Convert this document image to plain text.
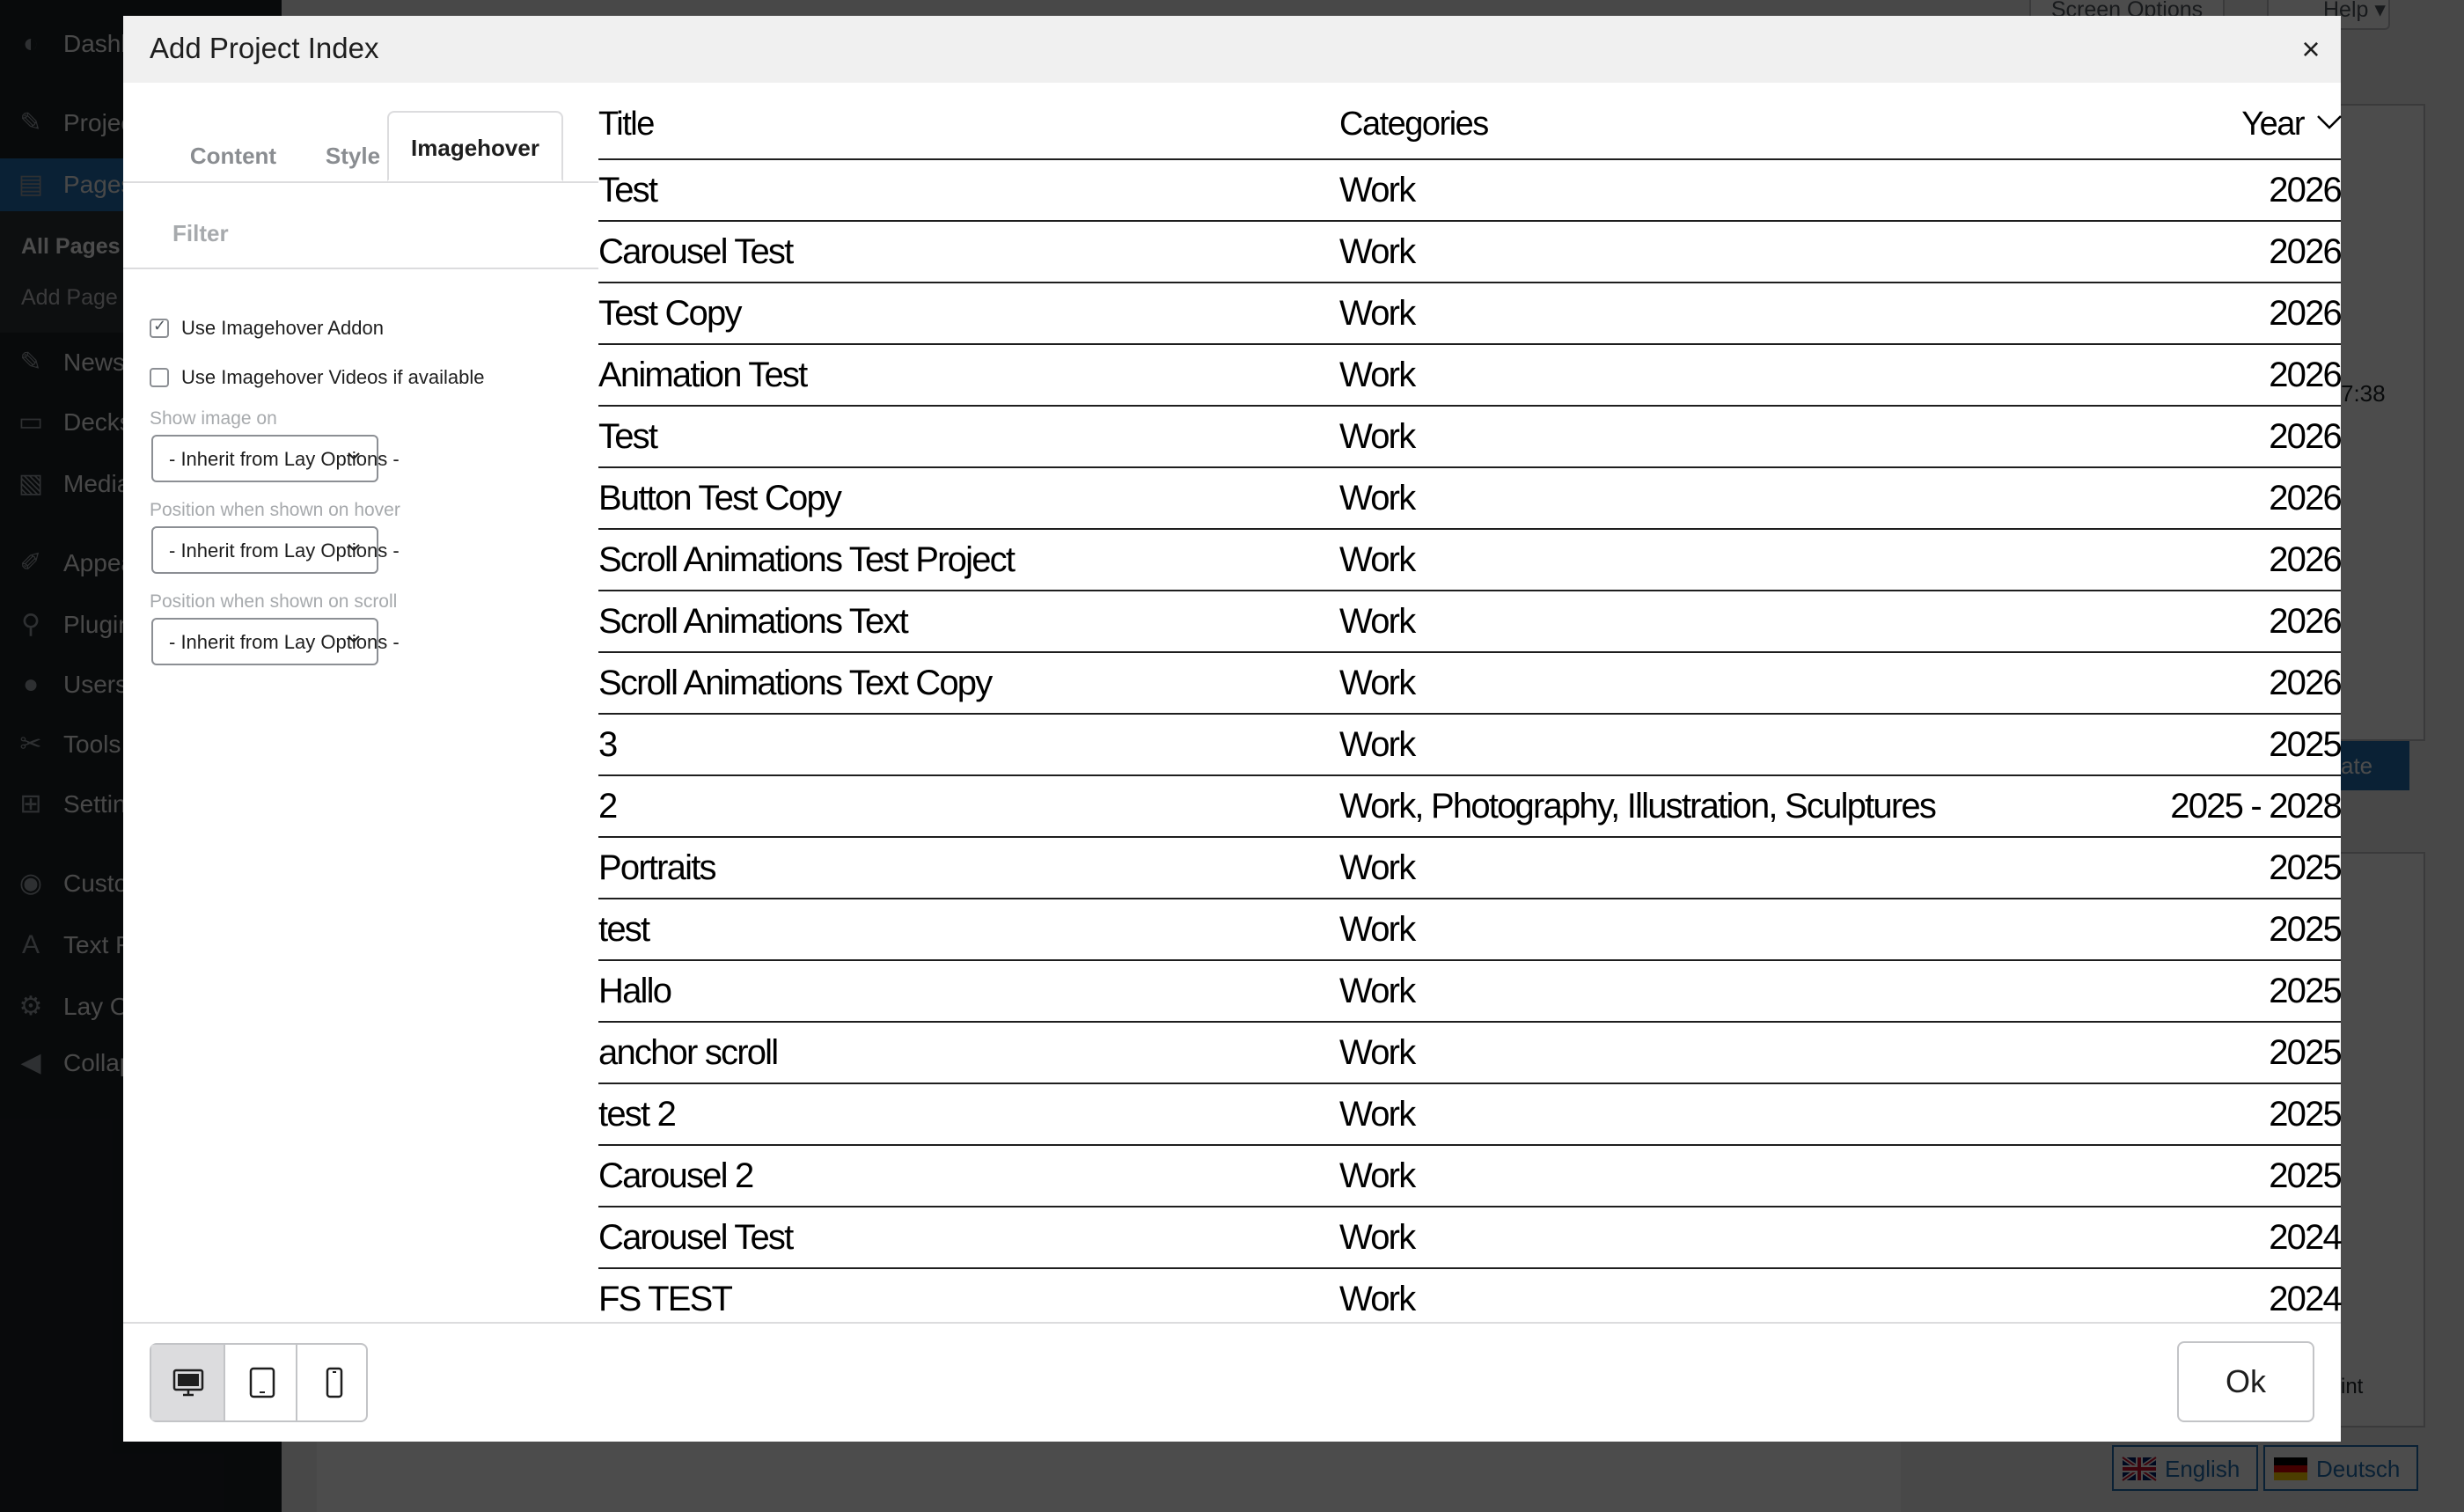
Add Project Index	×
Content	Style	Imagehover
Filter
✓
Use Imagehover Addon
Use Imagehover Videos if available
Show image on
- Inherit from Lay Options -
Position when shown on hover
- Inherit from Lay Options -
Position when shown on scroll
- Inherit from Lay Options -
Title	Categories	Year
Test	Work	2026
Carousel Test	Work	2026
Test Copy	Work	2026
Animation Test	Work	2026
Test	Work	2026
Button Test Copy	Work	2026
Scroll Animations Test Project	Work	2026
Scroll Animations Text	Work	2026
Scroll Animations Text Copy	Work	2026
3	Work	2025
2	Work, Photography, Illustration, Sculptures	2025 - 2028
Portraits	Work	2025
test	Work	2025
Hallo	Work	2025
anchor scroll	Work	2025
test 2	Work	2025
Carousel 2	Work	2025
Carousel Test	Work	2024
FS TEST	Work	2024
Ok
